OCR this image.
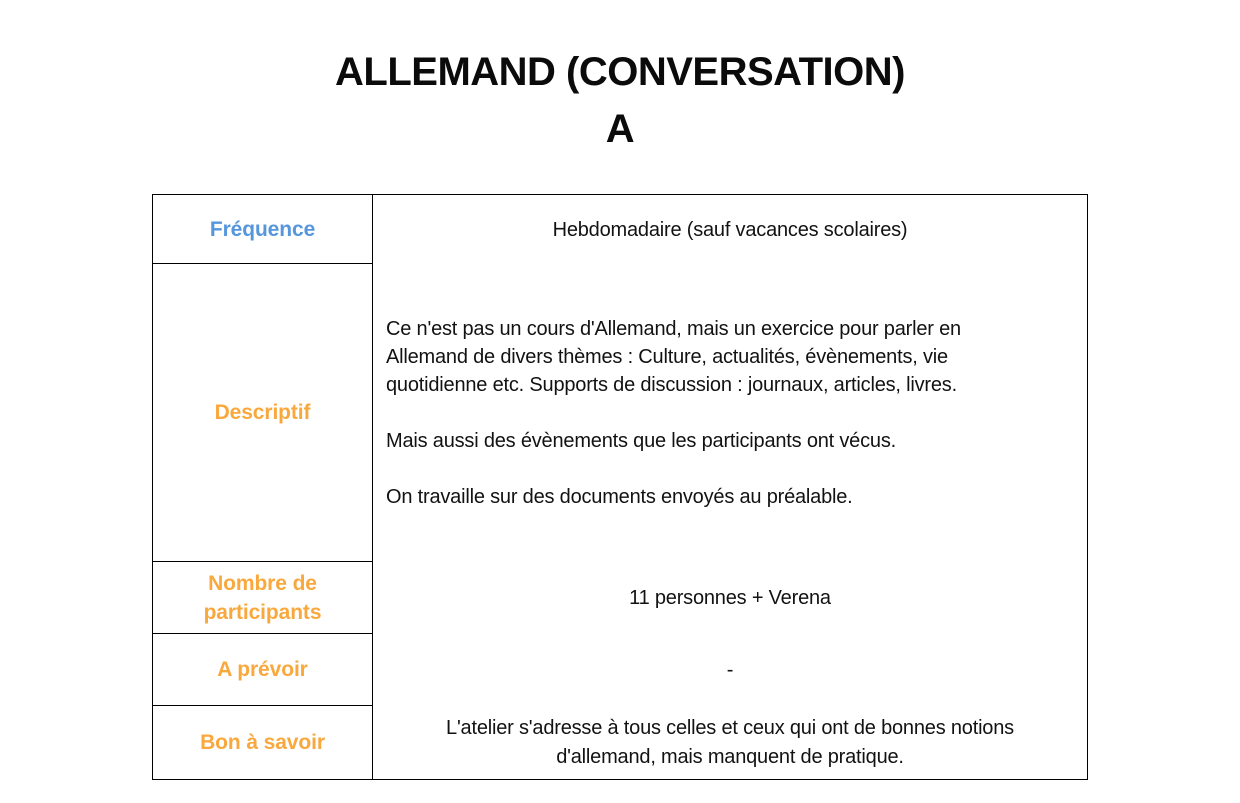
ALLEMAND (CONVERSATION)
A
Fréquence	Hebdomadaire (sauf vacances scolaires)
Descriptif

Ce n'est pas un cours d'Allemand, mais un exercice pour parler en Allemand de divers thèmes : Culture, actualités, évènements, vie quotidienne etc. Supports de discussion : journaux, articles, livres.

Mais aussi des évènements que les participants ont vécus.

On travaille sur des documents envoyés au préalable.

Nombre de participants
11 personnes + Verena
A prévoir	-
Bon à savoir
L'atelier s'adresse à tous celles et ceux qui ont de bonnes notions d'allemand, mais manquent de pratique.
